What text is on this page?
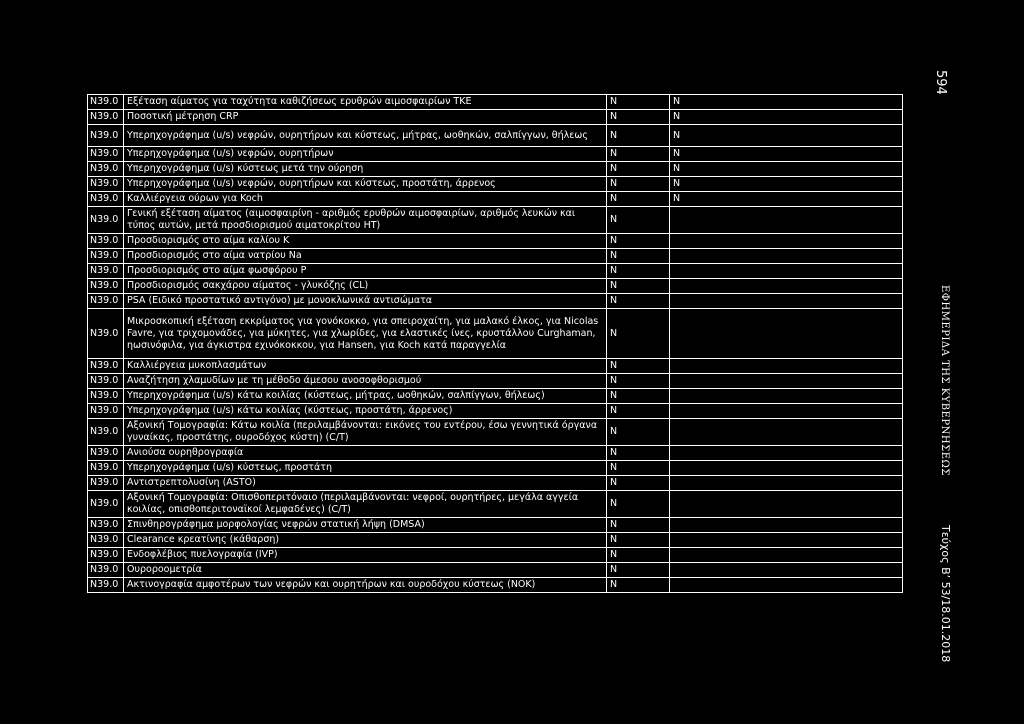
N39.0	Εξέταση αίματος για ταχύτητα καθιζήσεως ερυθρών αιμοσφαιρίων ΤΚΕ	N	N
N39.0	Ποσοτική μέτρηση CRP	N	N
N39.0	Υπερηχογράφημα (u/s) νεφρών, ουρητήρων και κύστεως, μήτρας, ωοθηκών, σαλπίγγων, θήλεως	N	N
N39.0	Υπερηχογράφημα (u/s) νεφρών, ουρητήρων	N	N
N39.0	Υπερηχογράφημα (u/s) κύστεως μετά την ούρηση	N	N
N39.0	Υπερηχογράφημα (u/s) νεφρών, ουρητήρων και κύστεως, προστάτη, άρρενος	N	N
N39.0	Καλλιέργεια ούρων για Koch	N	N
N39.0	Γενική εξέταση αίματος (αιμοσφαιρίνη - αριθμός ερυθρών αιμοσφαιρίων, αριθμός λευκών και τύπος αυτών, μετά προσδιορισμού αιματοκρίτου ΗΤ)	N	
N39.0	Προσδιορισμός στο αίμα καλίου Κ	N	
N39.0	Προσδιορισμός στο αίμα νατρίου Na	N	
N39.0	Προσδιορισμός στο αίμα φωσφόρου P	N	
N39.0	Προσδιορισμός σακχάρου αίματος - γλυκόζης (CL)	N	
N39.0	PSA (Ειδικό προστατικό αντιγόνο) με μονοκλωνικά αντισώματα	N	
N39.0	Μικροσκοπική εξέταση εκκρίματος για γονόκοκκο, για σπειροχαίτη, για μαλακό έλκος, για Nicolas Favre, για τριχομονάδες, για μύκητες, για χλωρίδες, για ελαστικές ίνες, κρυστάλλου Curghaman, ηωσινόφιλα, για άγκιστρα εχινόκοκκου, για Hansen, για Koch κατά παραγγελία	N	
N39.0	Καλλιέργεια μυκοπλασμάτων	N	
N39.0	Αναζήτηση χλαμυδίων με τη μέθοδο άμεσου ανοσοφθορισμού	N	
N39.0	Υπερηχογράφημα (u/s) κάτω κοιλίας (κύστεως, μήτρας, ωοθηκών, σαλπίγγων, θήλεως)	N	
N39.0	Υπερηχογράφημα (u/s) κάτω κοιλίας (κύστεως, προστάτη, άρρενος)	N	
N39.0	Αξονική Τομογραφία: Κάτω κοιλία (περιλαμβάνονται: εικόνες του εντέρου, έσω γεννητικά όργανα γυναίκας, προστάτης, ουροδόχος κύστη) (C/T)	N	
N39.0	Ανιούσα ουρηθρογραφία	N	
N39.0	Υπερηχογράφημα (u/s) κύστεως, προστάτη	N	
N39.0	Αντιστρεπτολυσίνη (ASTO)	N	
N39.0	Αξονική Τομογραφία: Οπισθοπεριτόναιο (περιλαμβάνονται: νεφροί, ουρητήρες, μεγάλα αγγεία κοιλίας, οπισθοπεριτοναϊκοί λεμφαδένες) (C/T)	N	
N39.0	Σπινθηρογράφημα μορφολογίας νεφρών στατική λήψη (DMSA)	N	
N39.0	Clearance κρεατίνης (κάθαρση)	N	
N39.0	Ενδοφλέβιος πυελογραφία (IVP)	N	
N39.0	Ουροροομετρία	N	
N39.0	Ακτινογραφία αμφοτέρων των νεφρών και ουρητήρων και ουροδόχου κύστεως (ΝΟΚ)	N	
594
ΕΦΗΜΕΡΙΔΑ ΤΗΣ ΚΥΒΕΡΝΗΣΕΩΣ
Τεύχος Β’ 53/18.01.2018
